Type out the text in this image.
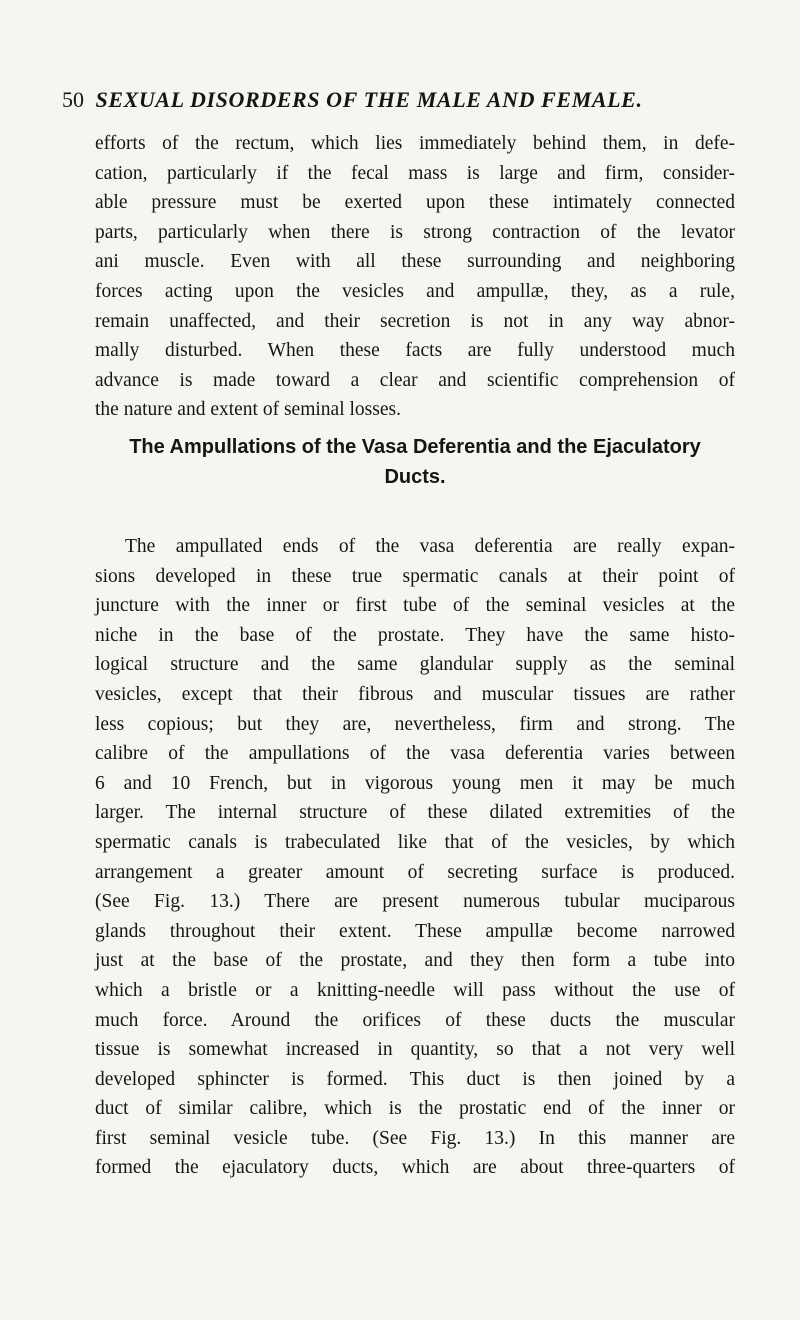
50 SEXUAL DISORDERS OF THE MALE AND FEMALE.
efforts of the rectum, which lies immediately behind them, in defe-
cation, particularly if the fecal mass is large and firm, consider-
able pressure must be exerted upon these intimately connected
parts, particularly when there is strong contraction of the levator
ani muscle. Even with all these surrounding and neighboring
forces acting upon the vesicles and ampullæ, they, as a rule,
remain unaffected, and their secretion is not in any way abnor-
mally disturbed. When these facts are fully understood much
advance is made toward a clear and scientific comprehension of
the nature and extent of seminal losses.
The Ampullations of the Vasa Deferentia and the Ejaculatory
Ducts.
The ampullated ends of the vasa deferentia are really expan-
sions developed in these true spermatic canals at their point of
juncture with the inner or first tube of the seminal vesicles at the
niche in the base of the prostate. They have the same histo-
logical structure and the same glandular supply as the seminal
vesicles, except that their fibrous and muscular tissues are rather
less copious; but they are, nevertheless, firm and strong. The
calibre of the ampullations of the vasa deferentia varies between
6 and 10 French, but in vigorous young men it may be much
larger. The internal structure of these dilated extremities of the
spermatic canals is trabeculated like that of the vesicles, by which
arrangement a greater amount of secreting surface is produced.
(See Fig. 13.) There are present numerous tubular muciparous
glands throughout their extent. These ampullæ become narrowed
just at the base of the prostate, and they then form a tube into
which a bristle or a knitting-needle will pass without the use of
much force. Around the orifices of these ducts the muscular
tissue is somewhat increased in quantity, so that a not very well
developed sphincter is formed. This duct is then joined by a
duct of similar calibre, which is the prostatic end of the inner or
first seminal vesicle tube. (See Fig. 13.) In this manner are
formed the ejaculatory ducts, which are about three-quarters of
